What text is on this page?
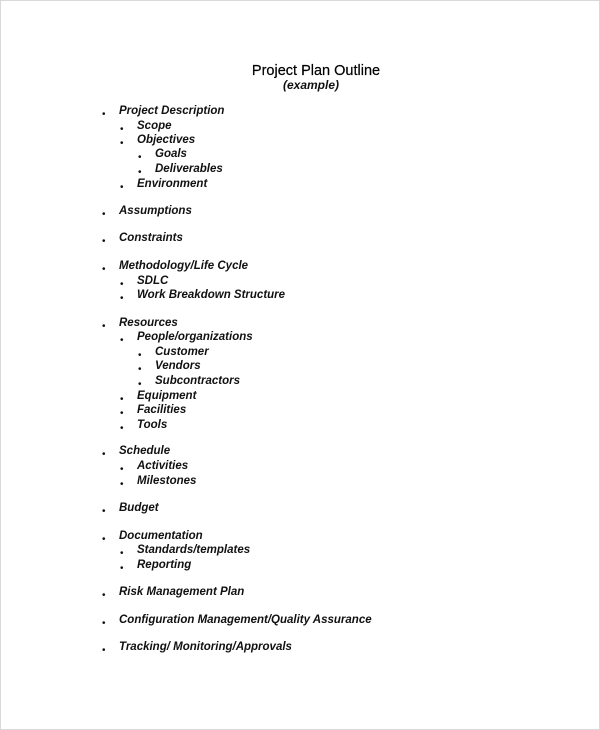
Project Plan Outline
(example)
• Project Description
• Scope
• Objectives
• Goals
• Deliverables
• Environment
• Assumptions
• Constraints
• Methodology/Life Cycle
• SDLC
• Work Breakdown Structure
• Resources
• People/organizations
• Customer
• Vendors
• Subcontractors
• Equipment
• Facilities
• Tools
• Schedule
• Activities
• Milestones
• Budget
• Documentation
• Standards/templates
• Reporting
• Risk Management Plan
• Configuration Management/Quality Assurance
• Tracking/ Monitoring/Approvals
